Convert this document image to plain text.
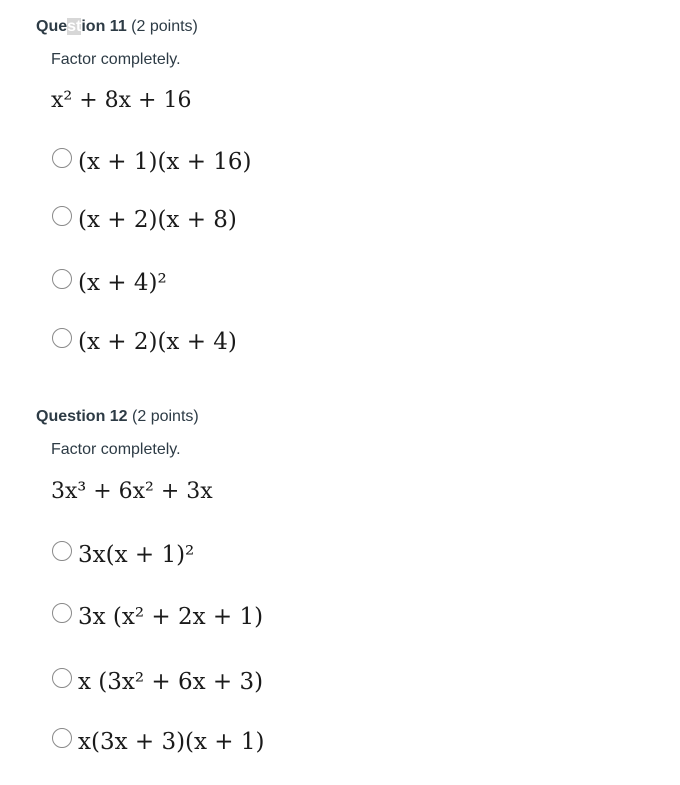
Question 11 (2 points)
Factor completely.
x² + 8x + 16
(x + 1)(x + 16)
(x + 2)(x + 8)
(x + 4)²
(x + 2)(x + 4)
Question 12 (2 points)
Factor completely.
3x³ + 6x² + 3x
3x(x + 1)²
3x (x² + 2x + 1)
x (3x² + 6x + 3)
x(3x + 3)(x + 1)
